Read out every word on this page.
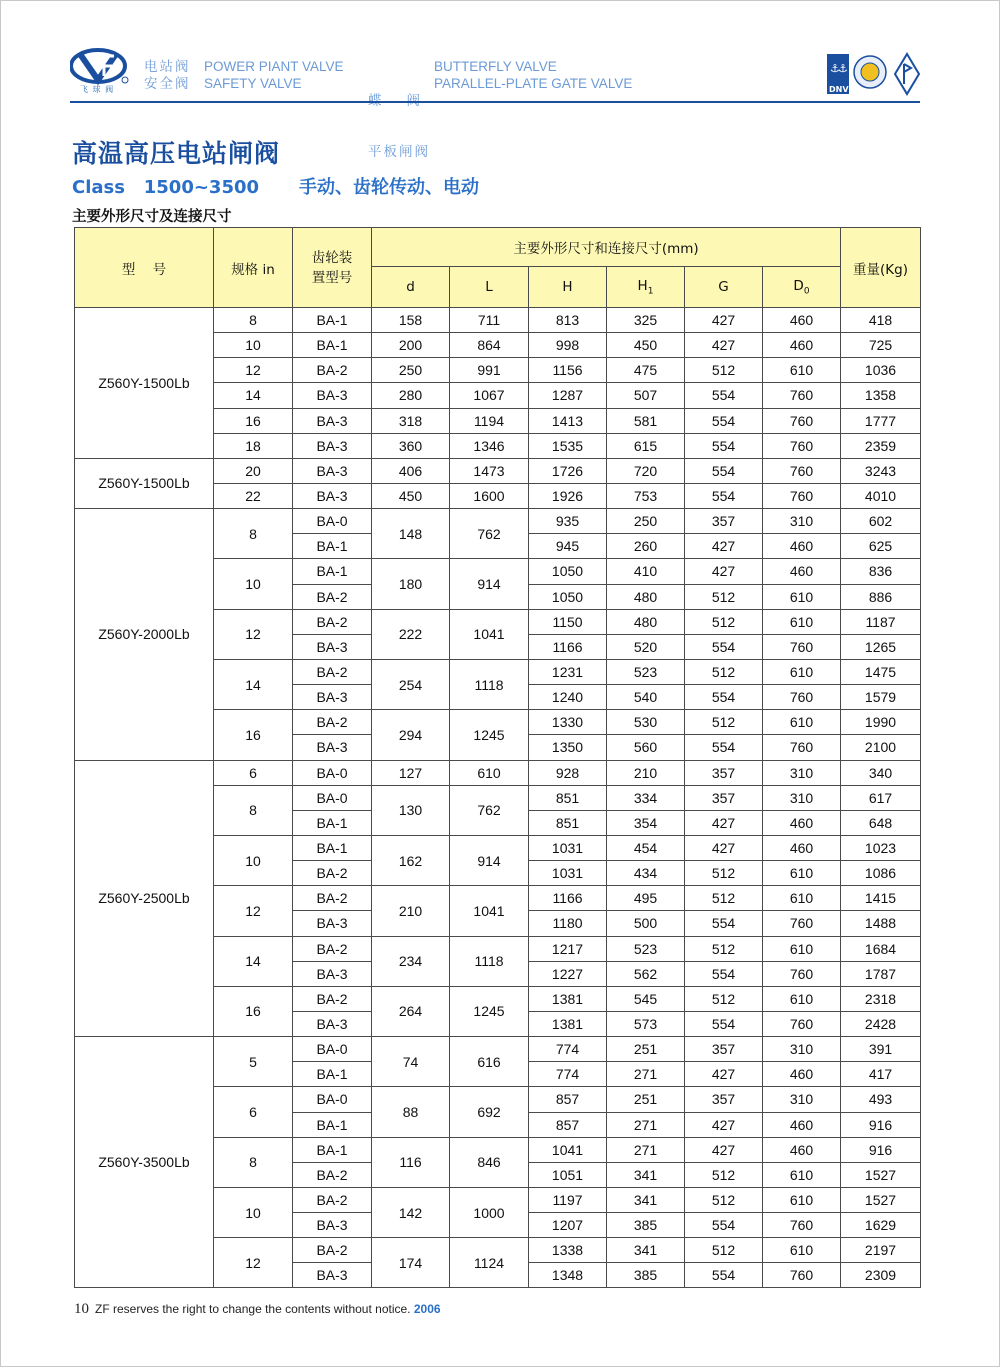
飞 球 阀
电站阀
安全阀
POWER PIANT VALVE
SAFETY VALVE

平板闸阀

BUTTERFLY VALVE
PARALLEL-PLATE GATE VALVE
⚓
⚓
DNV
高温高压电站闸阀
Class   1500~3500 手动、齿轮传动、电动
主要外形尺寸及连接尺寸
型    号	规格 in	齿轮装
置型号	主要外形尺寸和连接尺寸(mm)						重量(Kg)
			d	L	H	$H_1$	G	$D_0$
Z560Y-1500Lb	8	BA-1	158	711	813	325	427	460	418
	10	BA-1	200	864	998	450	427	460	725
	12	BA-2	250	991	1156	475	512	610	1036
	14	BA-3	280	1067	1287	507	554	760	1358
	16	BA-3	318	1194	1413	581	554	760	1777
	18	BA-3	360	1346	1535	615	554	760	2359
Z560Y-1500Lb	20	BA-3	406	1473	1726	720	554	760	3243
	22	BA-3	450	1600	1926	753	554	760	4010
Z560Y-2000Lb	8	BA-0	148	762	935	250	357	310	602
		BA-1			945	260	427	460	625
	10	BA-1	180	914	1050	410	427	460	836
		BA-2			1050	480	512	610	886
	12	BA-2	222	1041	1150	480	512	610	1187
		BA-3			1166	520	554	760	1265
	14	BA-2	254	1118	1231	523	512	610	1475
		BA-3			1240	540	554	760	1579
	16	BA-2	294	1245	1330	530	512	610	1990
		BA-3			1350	560	554	760	2100
Z560Y-2500Lb	6	BA-0	127	610	928	210	357	310	340
	8	BA-0	130	762	851	334	357	310	617
		BA-1			851	354	427	460	648
	10	BA-1	162	914	1031	454	427	460	1023
		BA-2			1031	434	512	610	1086
	12	BA-2	210	1041	1166	495	512	610	1415
		BA-3			1180	500	554	760	1488
	14	BA-2	234	1118	1217	523	512	610	1684
		BA-3			1227	562	554	760	1787
	16	BA-2	264	1245	1381	545	512	610	2318
		BA-3			1381	573	554	760	2428
Z560Y-3500Lb	5	BA-0	74	616	774	251	357	310	391
		BA-1			774	271	427	460	417
	6	BA-0	88	692	857	251	357	310	493
		BA-1			857	271	427	460	916
	8	BA-1	116	846	1041	271	427	460	916
		BA-2			1051	341	512	610	1527
	10	BA-2	142	1000	1197	341	512	610	1527
		BA-3			1207	385	554	760	1629
	12	BA-2	174	1124	1338	341	512	610	2197
		BA-3			1348	385	554	760	2309
10 ZF reserves the right to change the contents without notice. 2006
